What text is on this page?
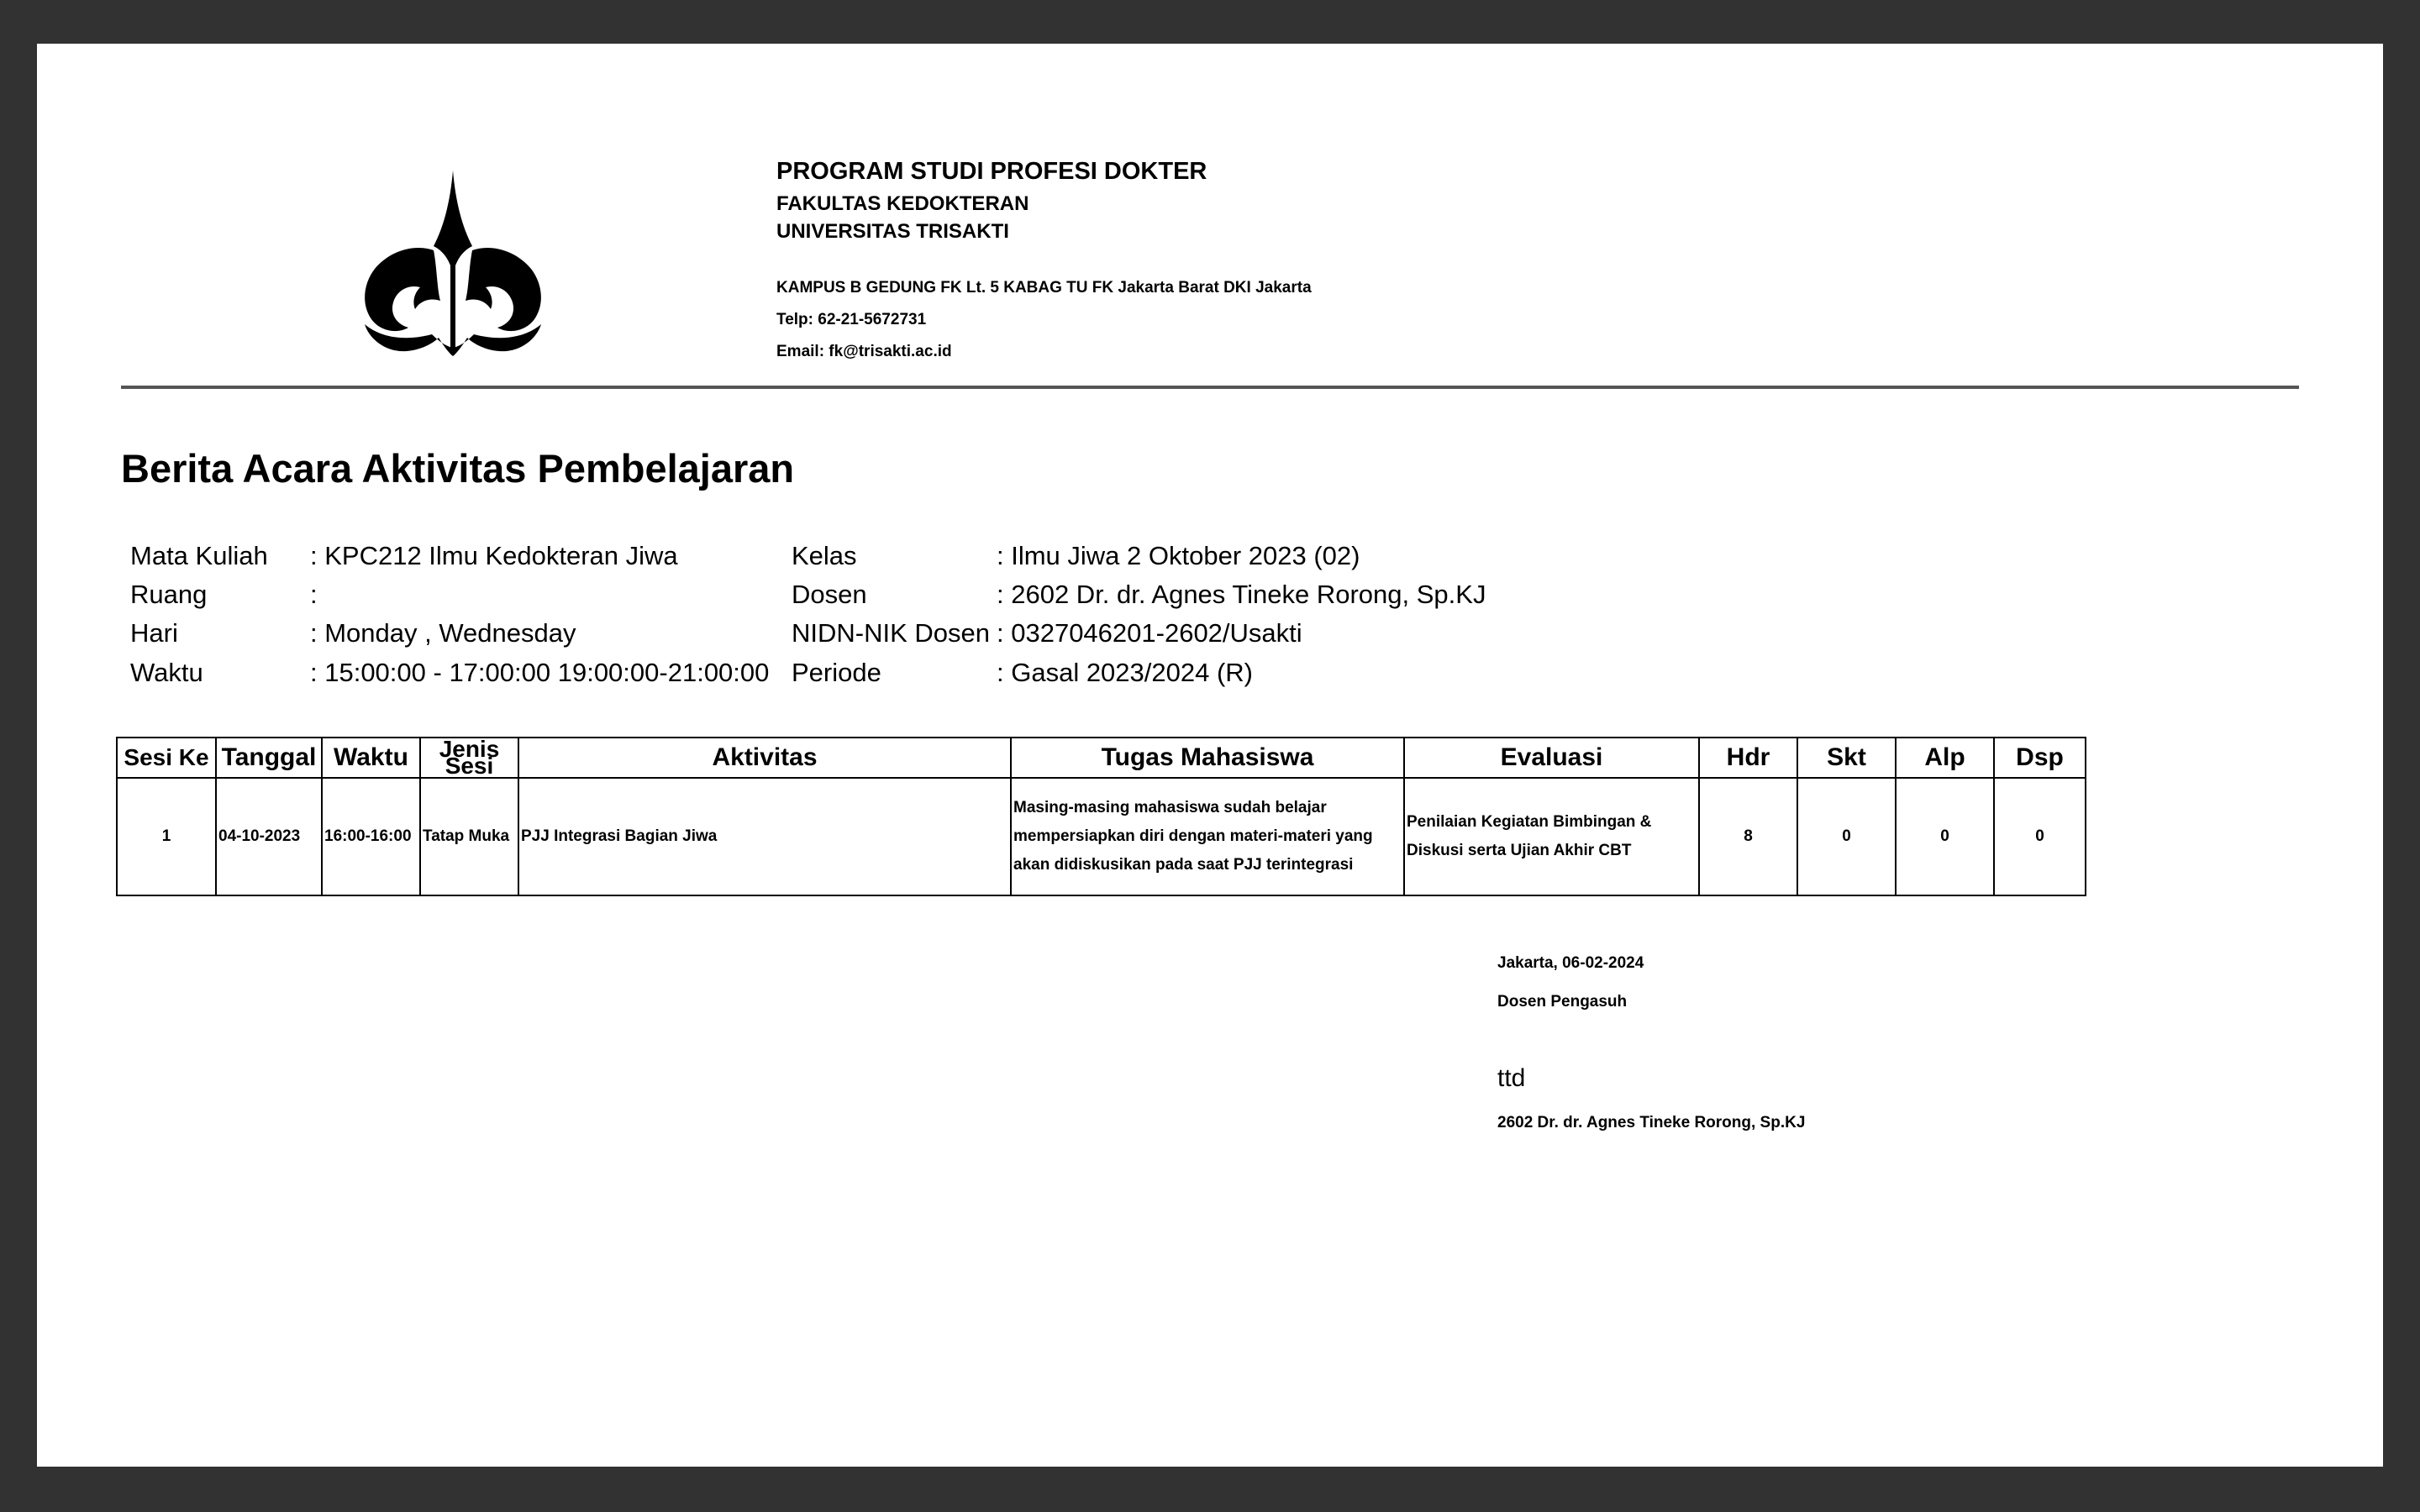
PROGRAM STUDI PROFESI DOKTER
FAKULTAS KEDOKTERAN
UNIVERSITAS TRISAKTI
KAMPUS B GEDUNG FK Lt. 5 KABAG TU FK Jakarta Barat DKI Jakarta
Telp: 62-21-5672731
Email: fk@trisakti.ac.id
Berita Acara Aktivitas Pembelajaran
Mata Kuliah : KPC212 Ilmu Kedokteran Jiwa
Ruang	:
Hari	: Monday , Wednesday
Waktu	: 15:00:00 - 17:00:00 19:00:00-21:00:00
Kelas	: Ilmu Jiwa 2 Oktober 2023 (02)
Dosen	: 2602 Dr. dr. Agnes Tineke Rorong, Sp.KJ
NIDN-NIK Dosen : 0327046201-2602/Usakti
Periode	: Gasal 2023/2024 (R)
Sesi Ke	Tanggal	Waktu	Jenis Sesi	Aktivitas	Tugas Mahasiswa	Evaluasi	Hdr	Skt	Alp	Dsp
1	04-10-2023	16:00-16:00	Tatap Muka	PJJ Integrasi Bagian Jiwa	Masing-masing mahasiswa sudah belajar mempersiapkan diri dengan materi-materi yang akan didiskusikan pada saat PJJ terintegrasi	Penilaian Kegiatan Bimbingan & Diskusi serta Ujian Akhir CBT	8	0	0	0
Jakarta, 06-02-2024
Dosen Pengasuh
ttd
2602 Dr. dr. Agnes Tineke Rorong, Sp.KJ
